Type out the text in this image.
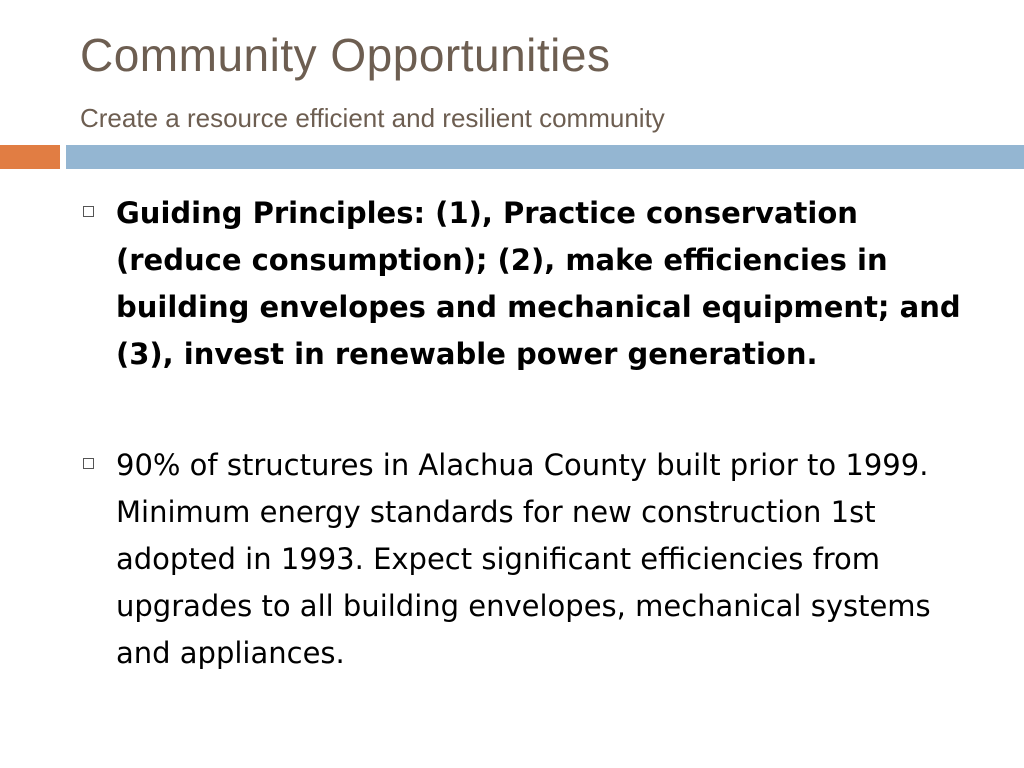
Community Opportunities
Create a resource efficient and resilient community
Guiding Principles: (1), Practice conservation (reduce consumption); (2), make efficiencies in building envelopes and mechanical equipment; and (3), invest in renewable power generation.
90% of structures in Alachua County built prior to 1999. Minimum energy standards for new construction 1st adopted in 1993. Expect significant efficiencies from upgrades to all building envelopes, mechanical systems and appliances.
